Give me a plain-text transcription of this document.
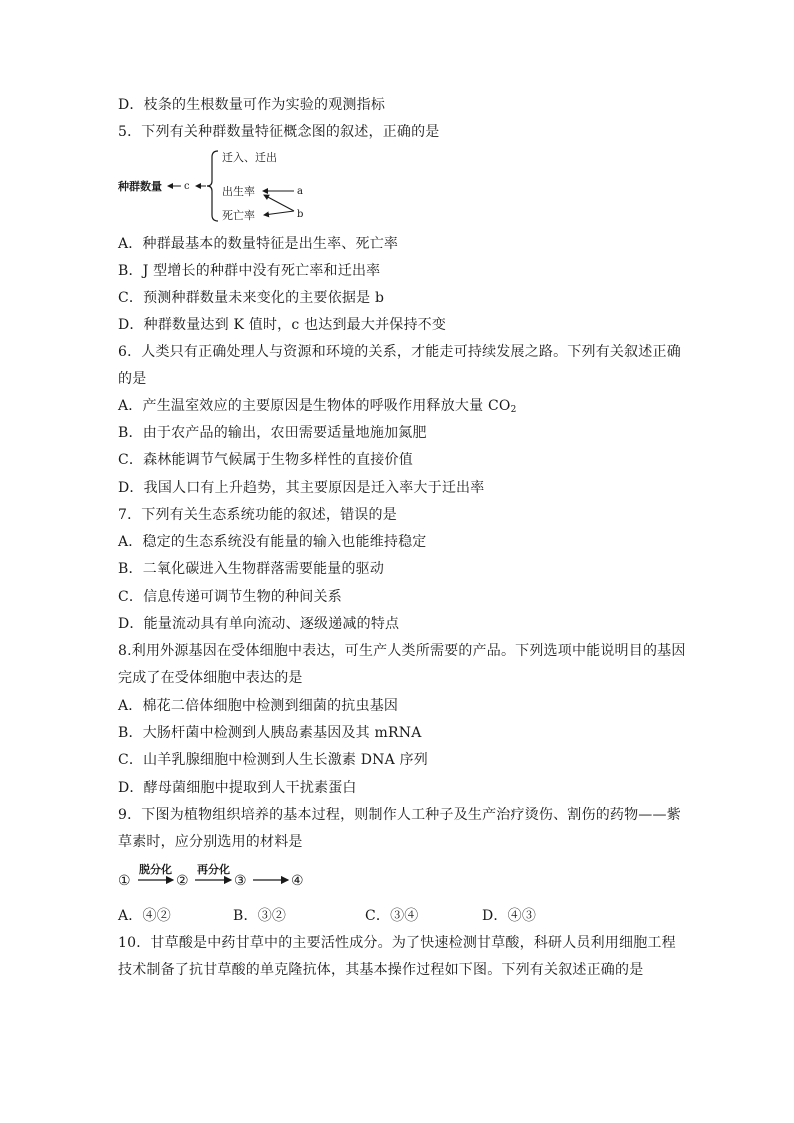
D．枝条的生根数量可作为实验的观测指标
5．下列有关种群数量特征概念图的叙述，正确的是
种群数量 c
迁入、迁出
出生率
死亡率
a
b
A．种群最基本的数量特征是出生率、死亡率
B．J 型增长的种群中没有死亡率和迁出率
C．预测种群数量未来变化的主要依据是 b
D．种群数量达到 K 值时，c 也达到最大并保持不变
6．人类只有正确处理人与资源和环境的关系，才能走可持续发展之路。下列有关叙述正确
的是
A．产生温室效应的主要原因是生物体的呼吸作用释放大量 $CO_2$
B．由于农产品的输出，农田需要适量地施加氮肥
C．森林能调节气候属于生物多样性的直接价值
D．我国人口有上升趋势，其主要原因是迁入率大于迁出率
7．下列有关生态系统功能的叙述，错误的是
A．稳定的生态系统没有能量的输入也能维持稳定
B．二氧化碳进入生物群落需要能量的驱动
C．信息传递可调节生物的种间关系
D．能量流动具有单向流动、逐级递减的特点
8.利用外源基因在受体细胞中表达，可生产人类所需要的产品。下列选项中能说明目的基因
完成了在受体细胞中表达的是
A．棉花二倍体细胞中检测到细菌的抗虫基因
B．大肠杆菌中检测到人胰岛素基因及其 mRNA
C．山羊乳腺细胞中检测到人生长激素 DNA 序列
D．酵母菌细胞中提取到人干扰素蛋白
9．下图为植物组织培养的基本过程，则制作人工种子及生产治疗烫伤、割伤的药物——紫
草素时，应分别选用的材料是
①
脱分化
②
再分化
③	④
A．④②	B．③②	C．③④	D．④③
10．甘草酸是中药甘草中的主要活性成分。为了快速检测甘草酸，科研人员利用细胞工程
技术制备了抗甘草酸的单克隆抗体，其基本操作过程如下图。下列有关叙述正确的是
